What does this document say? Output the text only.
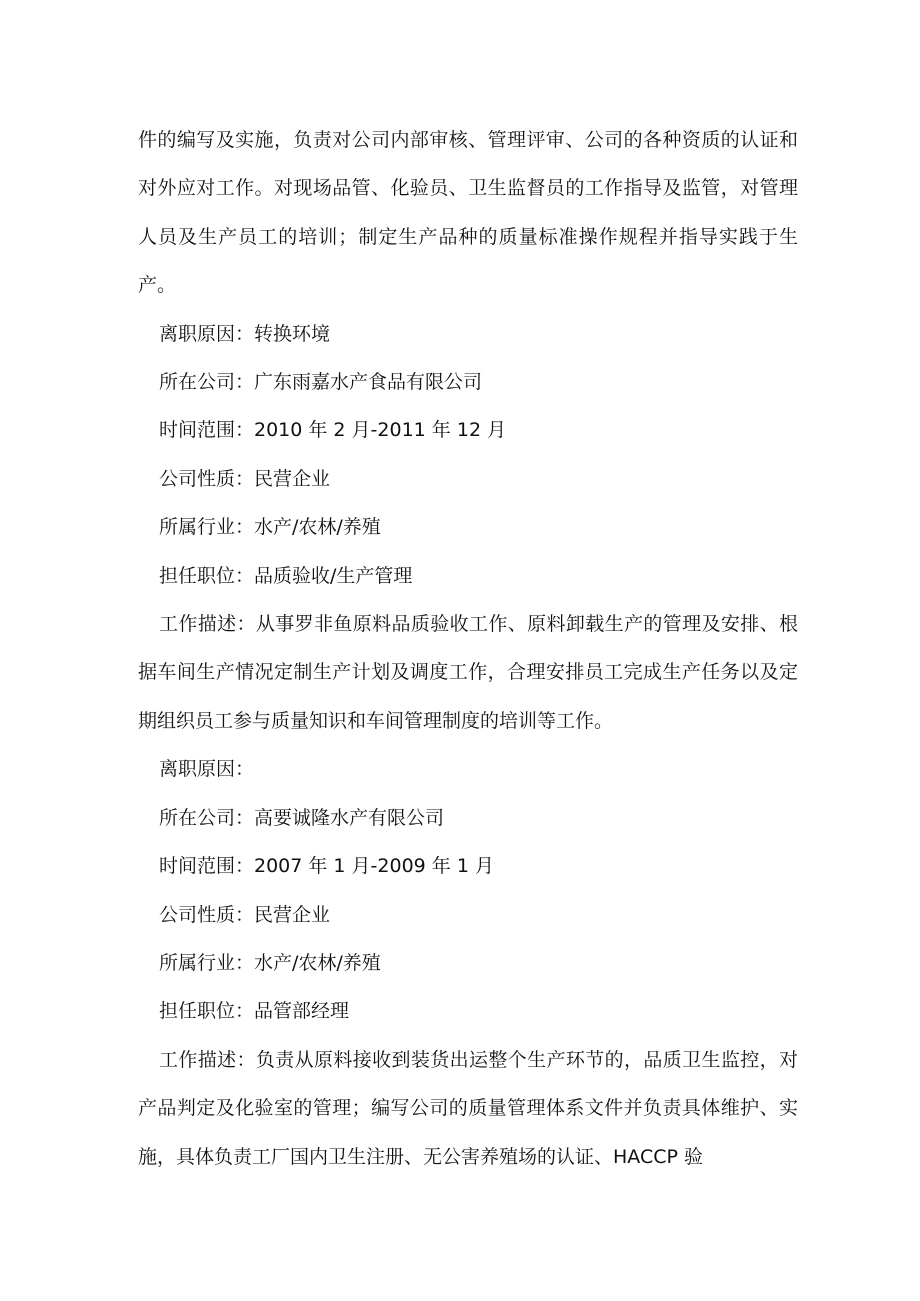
件的编写及实施，负责对公司内部审核、管理评审、公司的各种资质的认证和对外应对工作。对现场品管、化验员、卫生监督员的工作指导及监管，对管理人员及生产员工的培训；制定生产品种的质量标准操作规程并指导实践于生产。

离职原因：转换环境

所在公司：广东雨嘉水产食品有限公司

时间范围：2010 年 2 月-2011 年 12 月

公司性质：民营企业

所属行业：水产/农林/养殖

担任职位：品质验收/生产管理

工作描述：从事罗非鱼原料品质验收工作、原料卸载生产的管理及安排、根据车间生产情况定制生产计划及调度工作，合理安排员工完成生产任务以及定期组织员工参与质量知识和车间管理制度的培训等工作。

离职原因：

所在公司：高要诚隆水产有限公司

时间范围：2007 年 1 月-2009 年 1 月

公司性质：民营企业

所属行业：水产/农林/养殖

担任职位：品管部经理

工作描述：负责从原料接收到装货出运整个生产环节的，品质卫生监控，对产品判定及化验室的管理；编写公司的质量管理体系文件并负责具体维护、实施，具体负责工厂国内卫生注册、无公害养殖场的认证、HACCP 验
